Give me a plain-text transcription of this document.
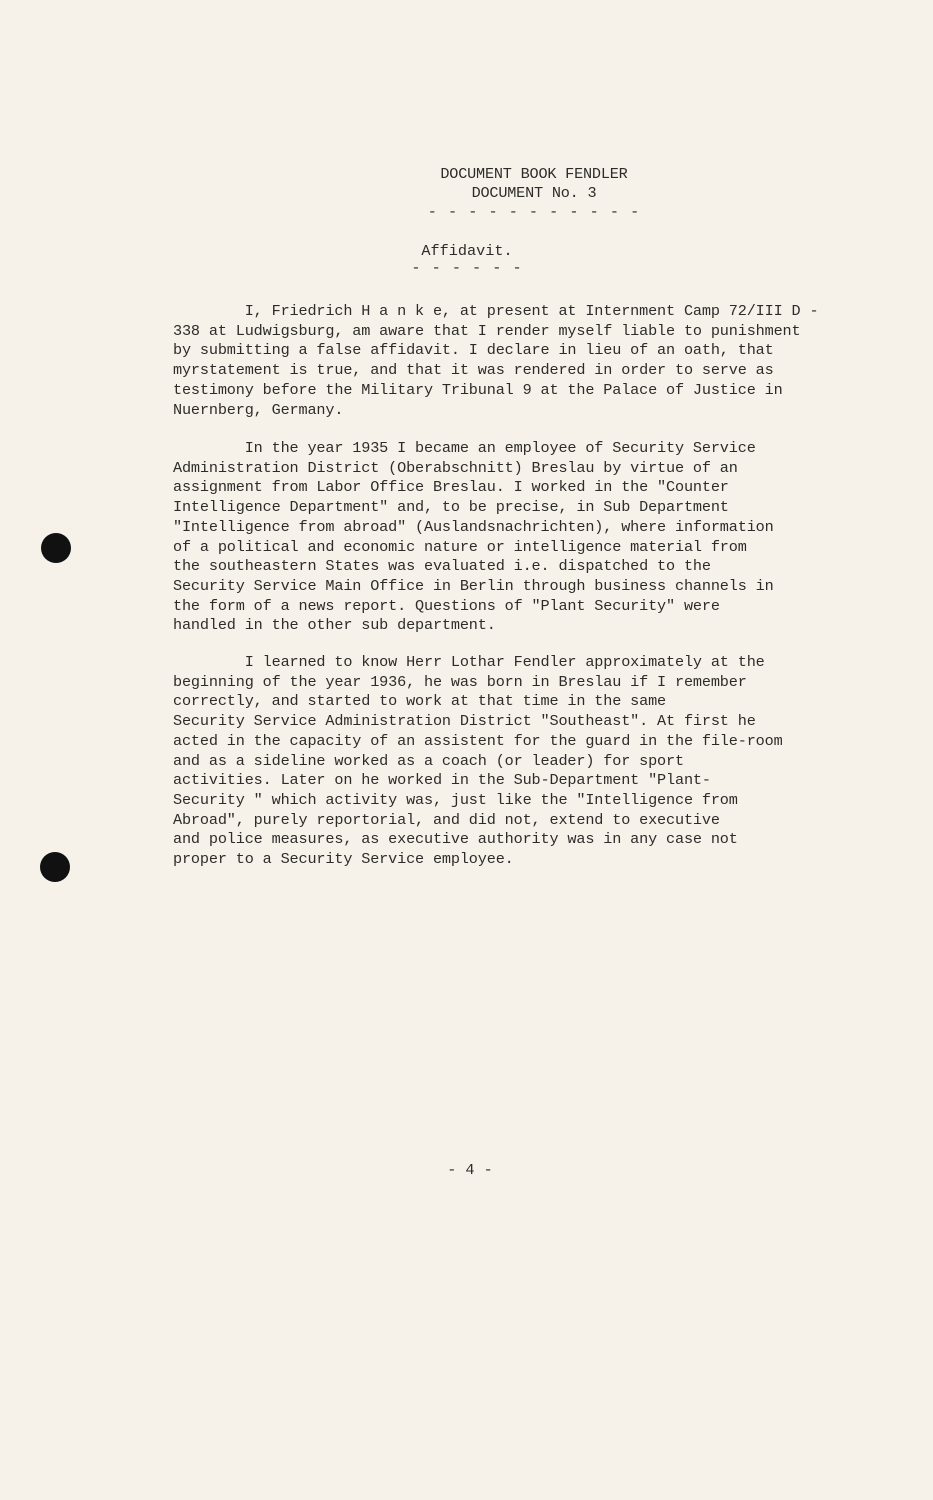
DOCUMENT BOOK FENDLER
DOCUMENT No. 3
- - - - - - - - - - -
Affidavit.
- - - - - -
I, Friedrich H a n k e, at present at Internment Camp 72/III D -
338 at Ludwigsburg, am aware that I render myself liable to punishment
by submitting a false affidavit. I declare in lieu of an oath, that
myrstatement is true, and that it was rendered in order to serve as
testimony before the Military Tribunal 9 at the Palace of Justice in
Nuernberg, Germany.
In the year 1935 I became an employee of Security Service
Administration District (Oberabschnitt) Breslau by virtue of an
assignment from Labor Office Breslau. I worked in the "Counter
Intelligence Department" and, to be precise, in Sub Department
"Intelligence from abroad" (Auslandsnachrichten), where information
of a political and economic nature or intelligence material from
the southeastern States was evaluated i.e. dispatched to the
Security Service Main Office in Berlin through business channels in
the form of a news report. Questions of "Plant Security" were
handled in the other sub department.
I learned to know Herr Lothar Fendler approximately at the
beginning of the year 1936, he was born in Breslau if I remember
correctly, and started to work at that time in the same
Security Service Administration District "Southeast". At first he
acted in the capacity of an assistent for the guard in the file-room
and as a sideline worked as a coach (or leader) for sport
activities. Later on he worked in the Sub-Department "Plant-
Security " which activity was, just like the "Intelligence from
Abroad", purely reportorial, and did not, extend to executive
and police measures, as executive authority was in any case not
proper to a Security Service employee.
- 4 -
